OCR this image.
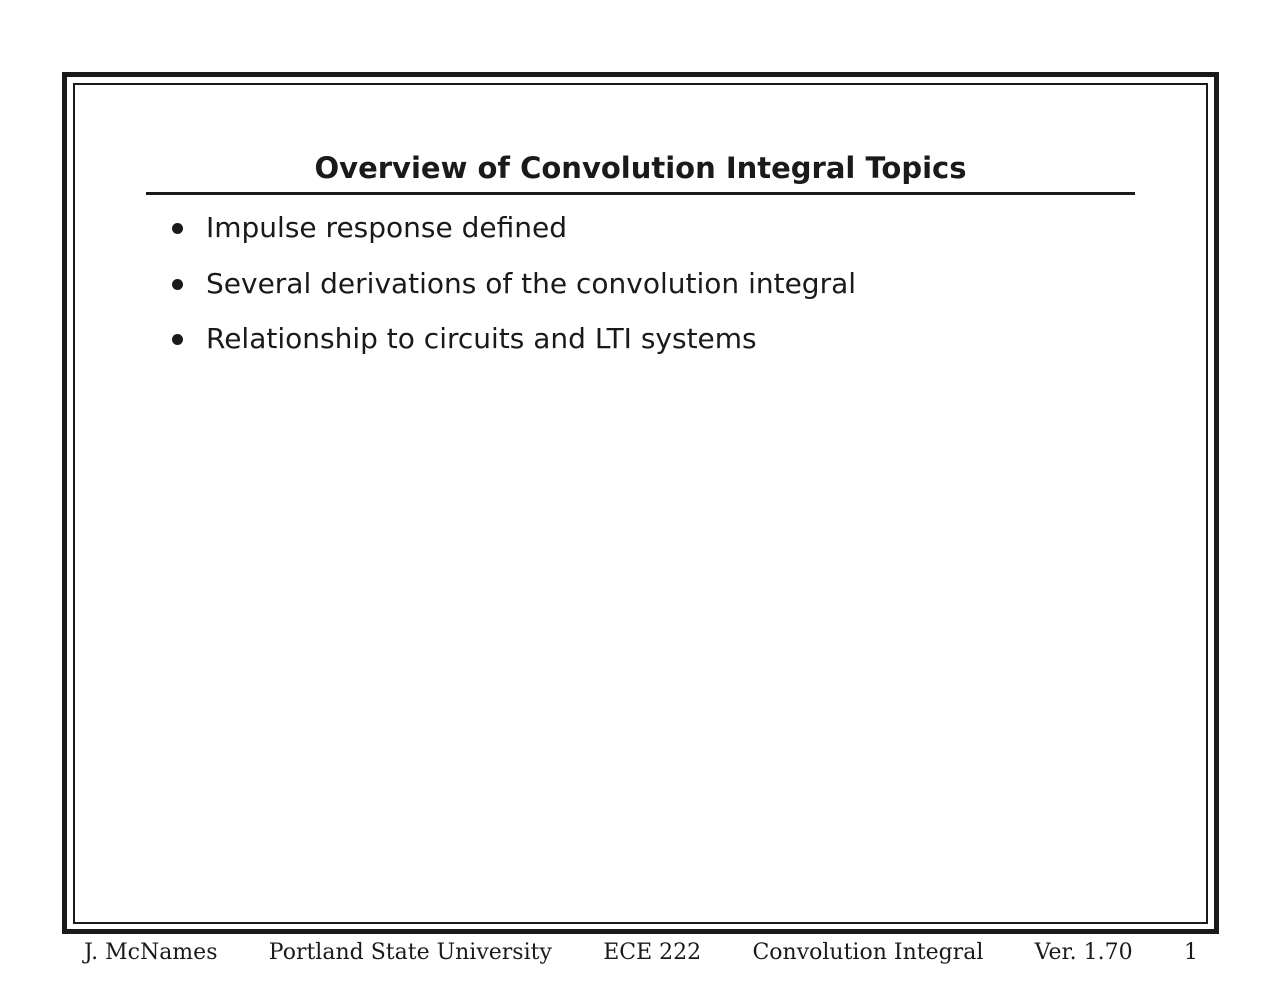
Overview of Convolution Integral Topics
Impulse response defined
Several derivations of the convolution integral
Relationship to circuits and LTI systems
J. McNames Portland State University ECE 222 Convolution Integral Ver. 1.70 1
